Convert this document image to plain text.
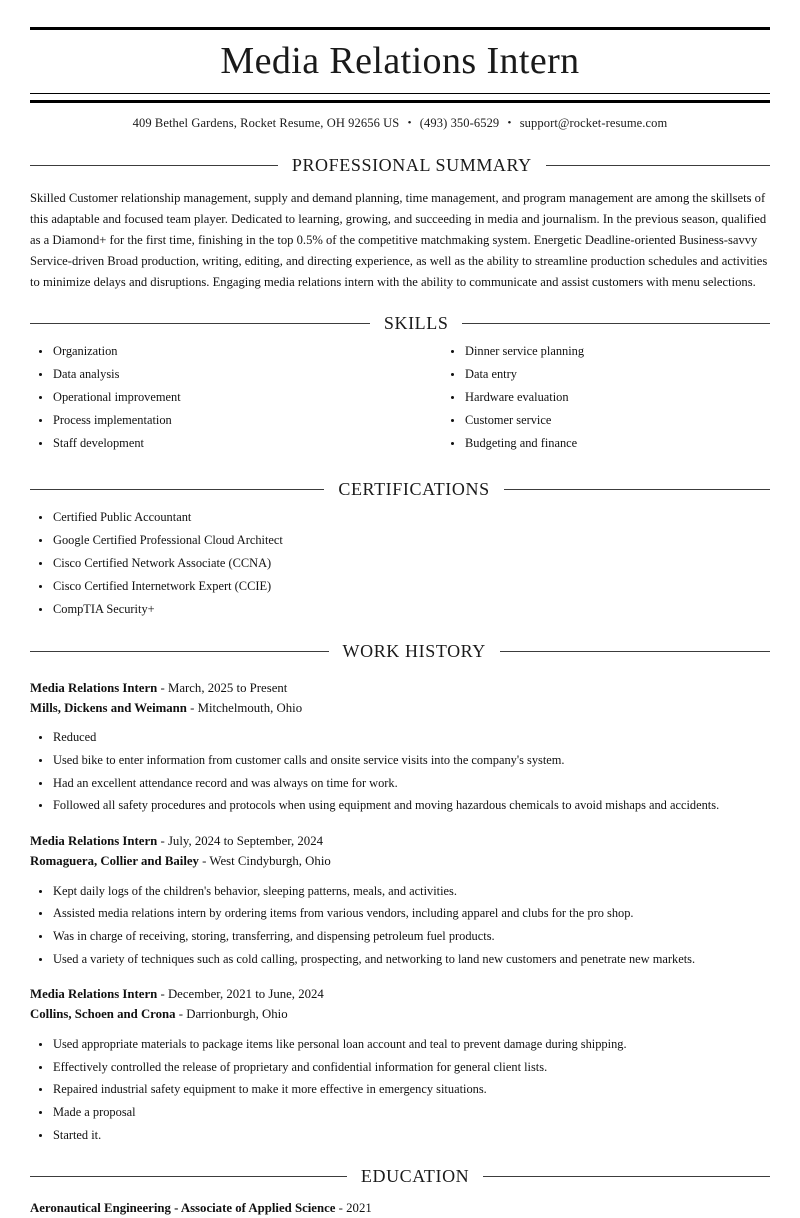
Media Relations Intern
409 Bethel Gardens, Rocket Resume, OH 92656 US • (493) 350-6529 • support@rocket-resume.com
PROFESSIONAL SUMMARY

Skilled Customer relationship management, supply and demand planning, time management, and program management are among the skillsets of this adaptable and focused team player. Dedicated to learning, growing, and succeeding in media and journalism. In the previous season, qualified as a Diamond+ for the first time, finishing in the top 0.5% of the competitive matchmaking system. Energetic Deadline-oriented Business-savvy Service-driven Broad production, writing, editing, and directing experience, as well as the ability to streamline production schedules and activities to minimize delays and disruptions. Engaging media relations intern with the ability to communicate and assist customers with menu selections.

SKILLS
Organization
Data analysis
Operational improvement
Process implementation
Staff development
Dinner service planning
Data entry
Hardware evaluation
Customer service
Budgeting and finance
CERTIFICATIONS
Certified Public Accountant
Google Certified Professional Cloud Architect
Cisco Certified Network Associate (CCNA)
Cisco Certified Internetwork Expert (CCIE)
CompTIA Security+
WORK HISTORY
Media Relations Intern - March, 2025 to Present
Mills, Dickens and Weimann - Mitchelmouth, Ohio
Reduced
Used bike to enter information from customer calls and onsite service visits into the company's system.
Had an excellent attendance record and was always on time for work.
Followed all safety procedures and protocols when using equipment and moving hazardous chemicals to avoid mishaps and accidents.
Media Relations Intern - July, 2024 to September, 2024
Romaguera, Collier and Bailey - West Cindyburgh, Ohio
Kept daily logs of the children's behavior, sleeping patterns, meals, and activities.
Assisted media relations intern by ordering items from various vendors, including apparel and clubs for the pro shop.
Was in charge of receiving, storing, transferring, and dispensing petroleum fuel products.
Used a variety of techniques such as cold calling, prospecting, and networking to land new customers and penetrate new markets.
Media Relations Intern - December, 2021 to June, 2024
Collins, Schoen and Crona - Darrionburgh, Ohio
Used appropriate materials to package items like personal loan account and teal to prevent damage during shipping.
Effectively controlled the release of proprietary and confidential information for general client lists.
Repaired industrial safety equipment to make it more effective in emergency situations.
Made a proposal
Started it.
EDUCATION
Aeronautical Engineering - Associate of Applied Science - 2021
